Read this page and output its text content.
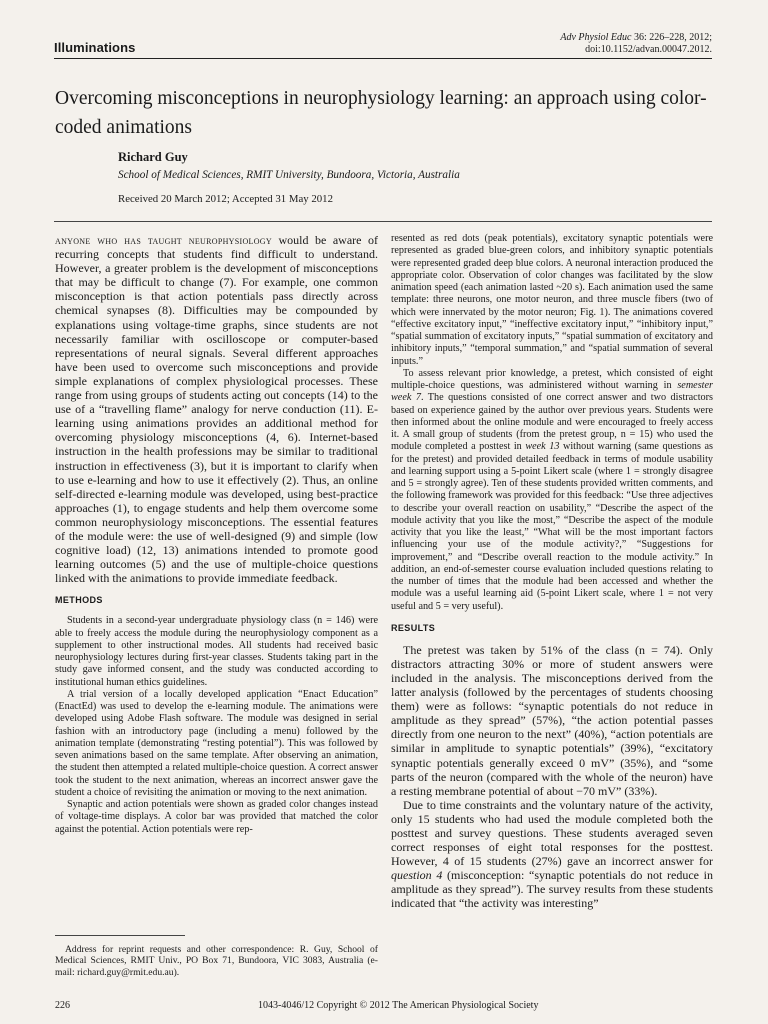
Illuminations
Adv Physiol Educ 36: 226–228, 2012;
doi:10.1152/advan.00047.2012.
Overcoming misconceptions in neurophysiology learning: an approach using color-coded animations
Richard Guy
School of Medical Sciences, RMIT University, Bundoora, Victoria, Australia
Received 20 March 2012; Accepted 31 May 2012

anyone who has taught neurophysiology would be aware of recurring concepts that students find difficult to understand. However, a greater problem is the development of misconceptions that may be difficult to change (7). For example, one common misconception is that action potentials pass directly across chemical synapses (8). Difficulties may be compounded by explanations using voltage-time graphs, since students are not necessarily familiar with oscilloscope or computer-based representations of neural signals. Several different approaches have been used to overcome such misconceptions and provide simple explanations of complex physiological processes. These range from using groups of students acting out concepts (14) to the use of a “travelling flame” analogy for nerve conduction (11). E-learning using animations provides an additional method for overcoming physiology misconceptions (4, 6). Internet-based instruction in the health professions may be similar to traditional instruction in effectiveness (3), but it is important to clarify when to use e-learning and how to use it effectively (2). Thus, an online self-directed e-learning module was developed, using best-practice approaches (1), to engage students and help them overcome some common neurophysiology misconceptions. The essential features of the module were: the use of well-designed (9) and simple (low cognitive load) (12, 13) animations intended to promote good learning outcomes (5) and the use of multiple-choice questions linked with the animations to provide immediate feedback.

METHODS

Students in a second-year undergraduate physiology class (n = 146) were able to freely access the module during the neurophysiology component as a supplement to other instructional modes. All students had received basic neurophysiology lectures during first-year classes. Students taking part in the study gave informed consent, and the study was conducted according to institutional human ethics guidelines.

A trial version of a locally developed application “Enact Education” (EnactEd) was used to develop the e-learning module. The animations were developed using Adobe Flash software. The module was designed in serial fashion with an introductory page (including a menu) followed by the animation template (demonstrating “resting potential”). This was followed by seven animations based on the same template. After observing an animation, the student then attempted a related multiple-choice question. A correct answer took the student to the next animation, whereas an incorrect answer gave the student a choice of revisiting the animation or moving to the next animation.

Synaptic and action potentials were shown as graded color changes instead of voltage-time displays. A color bar was provided that matched the color against the potential. Action potentials were rep-

resented as red dots (peak potentials), excitatory synaptic potentials were represented as graded blue-green colors, and inhibitory synaptic potentials were represented graded deep blue colors. A neuronal interaction produced the appropriate color. Observation of color changes was facilitated by the slow animation speed (each animation lasted ~20 s). Each animation used the same template: three neurons, one motor neuron, and three muscle fibers (two of which were innervated by the motor neuron; Fig. 1). The animations covered “effective excitatory input,” “ineffective excitatory input,” “inhibitory input,” “spatial summation of excitatory inputs,” “spatial summation of excitatory and inhibitory inputs,” “temporal summation,” and “spatial summation of several inputs.”

To assess relevant prior knowledge, a pretest, which consisted of eight multiple-choice questions, was administered without warning in semester week 7. The questions consisted of one correct answer and two distractors based on experience gained by the author over previous years. Students were then informed about the online module and were encouraged to freely access it. A small group of students (from the pretest group, n = 15) who used the module completed a posttest in week 13 without warning (same questions as for the pretest) and provided detailed feedback in terms of module usability and learning support using a 5-point Likert scale (where 1 = strongly disagree and 5 = strongly agree). Ten of these students provided written comments, and the following framework was provided for this feedback: “Use three adjectives to describe your overall reaction on usability,” “Describe the aspect of the module activity that you like the most,” “Describe the aspect of the module activity that you like the least,” “What will be the most important factors influencing your use of the module activity?,” “Suggestions for improvement,” and “Describe overall reaction to the module activity.” In addition, an end-of-semester course evaluation included questions relating to the number of times that the module had been accessed and whether the module was a useful learning aid (5-point Likert scale, where 1 = not very useful and 5 = very useful).

RESULTS

The pretest was taken by 51% of the class (n = 74). Only distractors attracting 30% or more of student answers were included in the analysis. The misconceptions derived from the latter analysis (followed by the percentages of students choosing them) were as follows: “synaptic potentials do not reduce in amplitude as they spread” (57%), “the action potential passes directly from one neuron to the next” (40%), “action potentials are similar in amplitude to synaptic potentials” (39%), “excitatory synaptic potentials generally exceed 0 mV” (35%), and “some parts of the neuron (compared with the whole of the neuron) have a resting membrane potential of about −70 mV” (33%).

Due to time constraints and the voluntary nature of the activity, only 15 students who had used the module completed both the posttest and survey questions. These students averaged seven correct responses of eight total responses for the posttest. However, 4 of 15 students (27%) gave an incorrect answer for question 4 (misconception: “synaptic potentials do not reduce in amplitude as they spread”). The survey results from these students indicated that “the activity was interesting”

Address for reprint requests and other correspondence: R. Guy, School of Medical Sciences, RMIT Univ., PO Box 71, Bundoora, VIC 3083, Australia (e-mail: richard.guy@rmit.edu.au).
226	1043-4046/12 Copyright © 2012 The American Physiological Society
